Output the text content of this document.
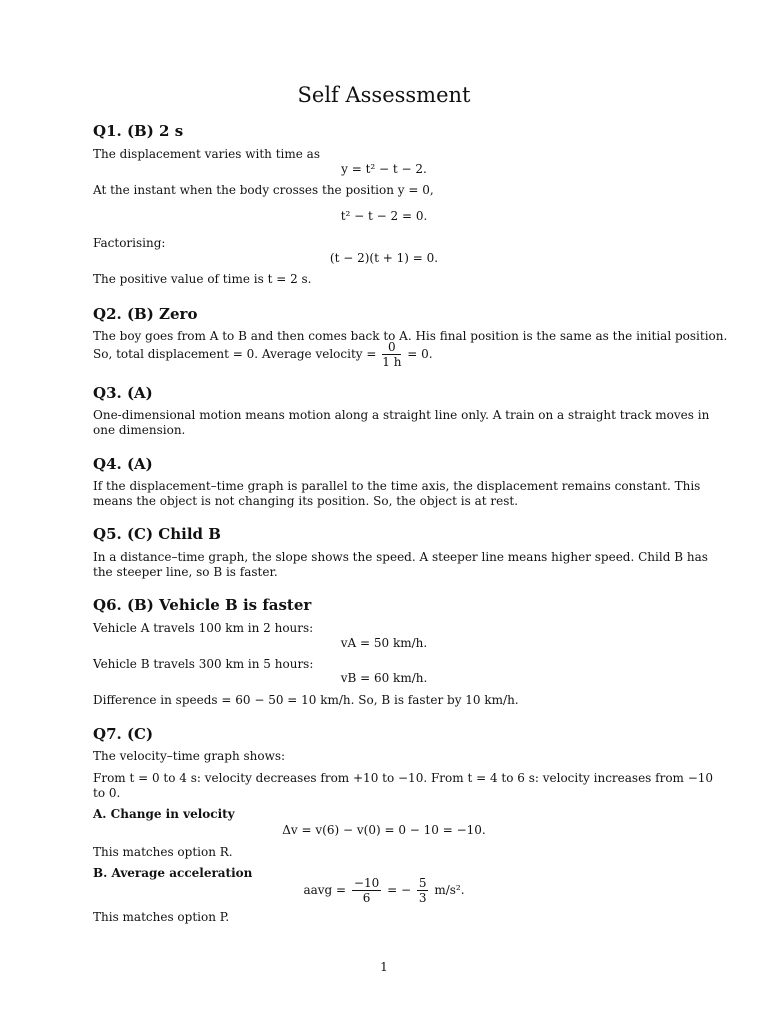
Self Assessment
Q1. (B) 2 s
The displacement varies with time as
y = t² − t − 2.
At the instant when the body crosses the position y = 0,
t² − t − 2 = 0.
Factorising:
(t − 2)(t + 1) = 0.
The positive value of time is t = 2 s.
Q2. (B) Zero
The boy goes from A to B and then comes back to A. His final position is the same as the initial position.
So, total displacement = 0. Average velocity = $\frac{0}{1 h} = 0$.
Q3. (A)
One-dimensional motion means motion along a straight line only. A train on a straight track moves in
one dimension.
Q4. (A)
If the displacement–time graph is parallel to the time axis, the displacement remains constant. This
means the object is not changing its position. So, the object is at rest.
Q5. (C) Child B
In a distance–time graph, the slope shows the speed. A steeper line means higher speed. Child B has
the steeper line, so B is faster.
Q6. (B) Vehicle B is faster
Vehicle A travels 100 km in 2 hours:
vA = 50 km/h.
Vehicle B travels 300 km in 5 hours:
vB = 60 km/h.
Difference in speeds = 60 − 50 = 10 km/h. So, B is faster by 10 km/h.
Q7. (C)
The velocity–time graph shows:
From t = 0 to 4 s: velocity decreases from +10 to −10. From t = 4 to 6 s: velocity increases from −10
to 0.
A. Change in velocity
Δv = v(6) − v(0) = 0 − 10 = −10.
This matches option R.
B. Average acceleration
aavg = $\frac{-10}{6}$ = − $\frac{5}{3} m/s^2$.
This matches option P.
1
